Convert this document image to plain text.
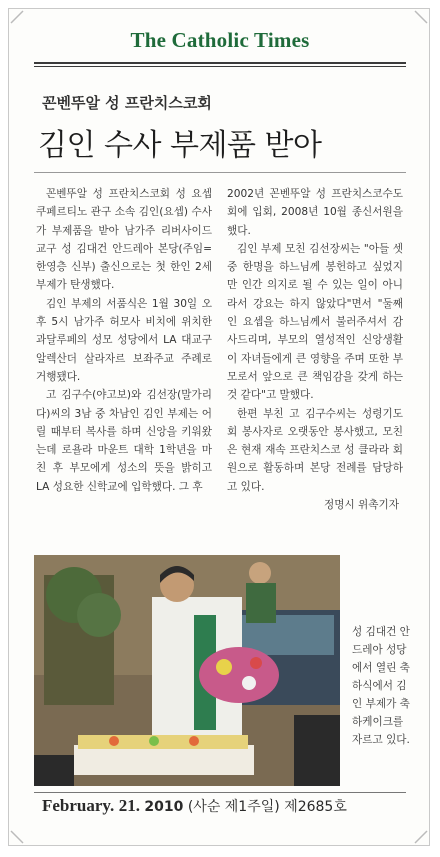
The Catholic Times
꼰벤뚜알 성 프란치스코회
김인 수사 부제품 받아

꼰벤뚜알 성 프란치스코회 성 요셉 쿠페르티노 관구 소속 김인(요셉) 수사가 부제품을 받아 남가주 리버사이드 교구 성 김대건 안드레아 본당(주임=한영층 신부) 출신으로는 첫 한인 2세 부제가 탄생했다.

김인 부제의 서품식은 1월 30일 오후 5시 남가주 허모사 비치에 위치한 과달루페의 성모 성당에서 LA 대교구 알렉산더 살라자르 보좌주교 주례로 거행됐다.

고 김구수(야고보)와 김선장(말가리다)씨의 3남 중 차남인 김인 부제는 어릴 때부터 복사를 하며 신앙을 키워왔는데 로욜라 마운트 대학 1학년을 마친 후 부모에게 성소의 뜻을 밝히고 LA 성요한 신학교에 입학했다. 그 후

2002년 꼰벤뚜알 성 프란치스코수도회에 입회, 2008년 10월 종신서원을 했다.

김인 부제 모친 김선장씨는 "아들 셋 중 한명을 하느님께 봉헌하고 싶었지만 인간 의지로 될 수 있는 일이 아니라서 강요는 하지 않았다"면서 "둘째인 요셉을 하느님께서 불러주셔서 감사드리며, 부모의 열성적인 신앙생활이 자녀들에게 큰 영향을 주며 또한 부모로서 앞으로 큰 책임감을 갖게 하는 것 같다"고 말했다.

한편 부친 고 김구수씨는 성령기도회 봉사자로 오랫동안 봉사했고, 모친은 현재 재속 프란치스코 성 클라라 회원으로 활동하며 본당 전례를 담당하고 있다.

정명시 위촉기자
성 김대건 안드레아 성당에서 열린 축하식에서 김인 부제가 축하케이크를 자르고 있다.
February. 21. 2010 (사순 제1주일) 제2685호
